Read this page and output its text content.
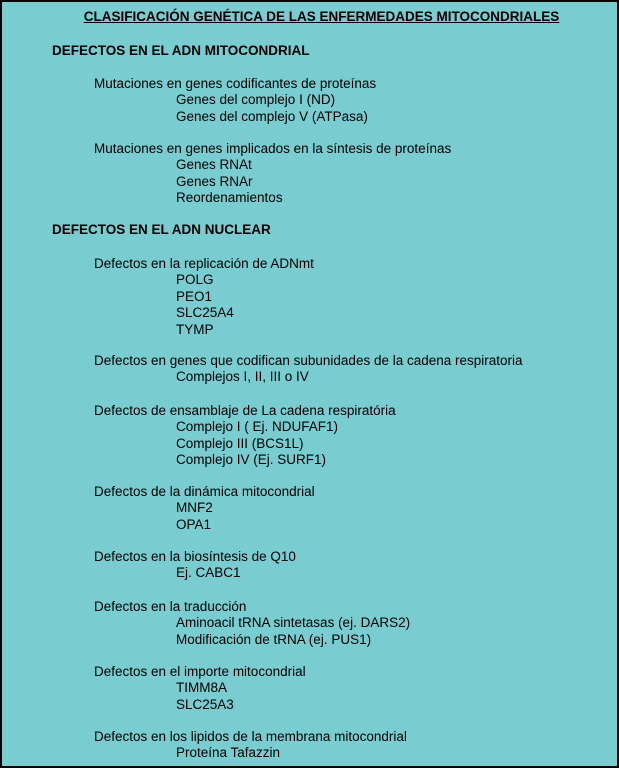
CLASIFICACIÓN GENÉTICA DE LAS ENFERMEDADES MITOCONDRIALES
DEFECTOS EN EL ADN MITOCONDRIAL
Mutaciones en genes codificantes de proteínas
Genes del complejo I (ND)
Genes del complejo V (ATPasa)
Mutaciones en genes implicados en la síntesis de proteínas
Genes RNAt
Genes RNAr
Reordenamientos
DEFECTOS EN EL ADN NUCLEAR
Defectos en la replicación de ADNmt
POLG
PEO1
SLC25A4
TYMP
Defectos en genes que codifican subunidades de la cadena respiratoria
Complejos I, II, III o IV
Defectos de ensamblaje de La cadena respiratória
Complejo I ( Ej. NDUFAF1)
Complejo III (BCS1L)
Complejo IV (Ej. SURF1)
Defectos de la dinámica mitocondrial
MNF2
OPA1
Defectos en la biosíntesis de Q10
Ej. CABC1
Defectos en la traducción
Aminoacil tRNA sintetasas (ej. DARS2)
Modificación de tRNA (ej. PUS1)
Defectos en el importe mitocondrial
TIMM8A
SLC25A3
Defectos en los lipidos de la membrana mitocondrial
Proteína Tafazzin
